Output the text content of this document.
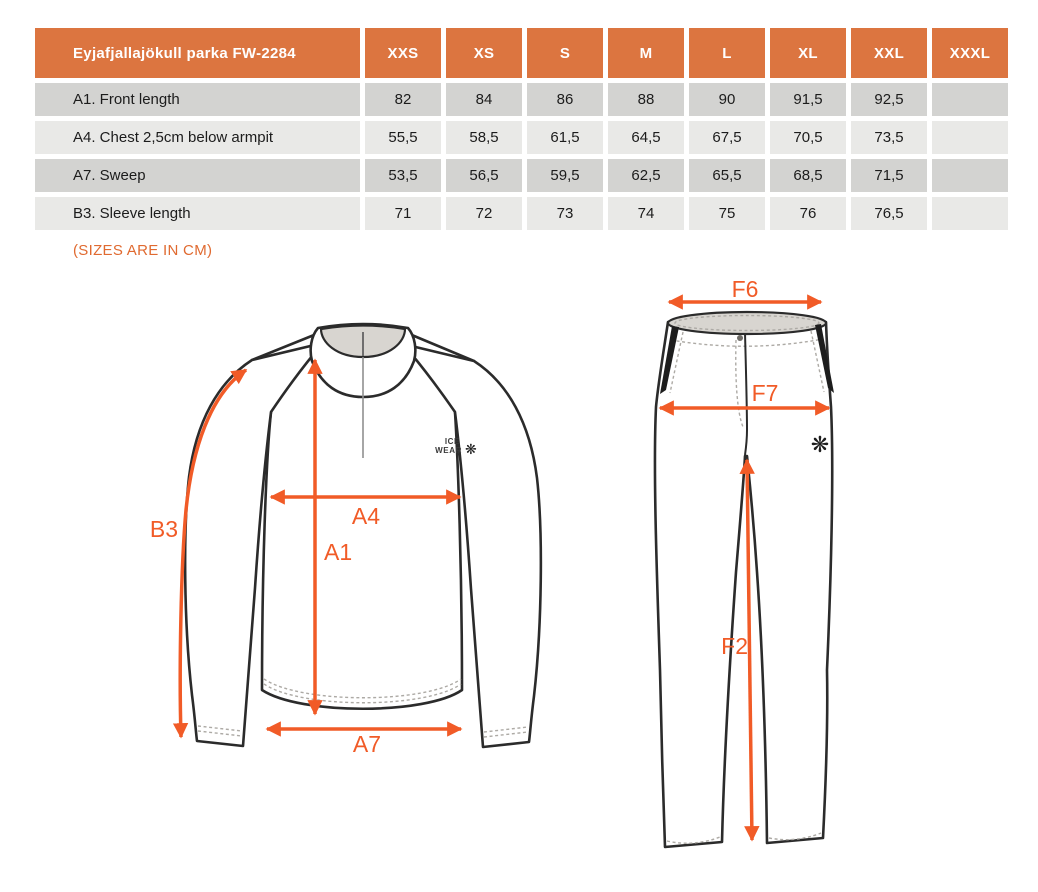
Eyjafjallajökull parka FW-2284	XXS	XS	S	M	L	XL	XXL	XXXL
A1. Front length	82	84	86	88	90	91,5	92,5	
A4. Chest 2,5cm below armpit	55,5	58,5	61,5	64,5	67,5	70,5	73,5	
A7. Sweep	53,5	56,5	59,5	62,5	65,5	68,5	71,5	
B3. Sleeve length	71	72	73	74	75	76	76,5	
(SIZES ARE IN CM)
ICE
WEAR ❋
B3	A4
A1
A7
❋
F6
F7
F2
